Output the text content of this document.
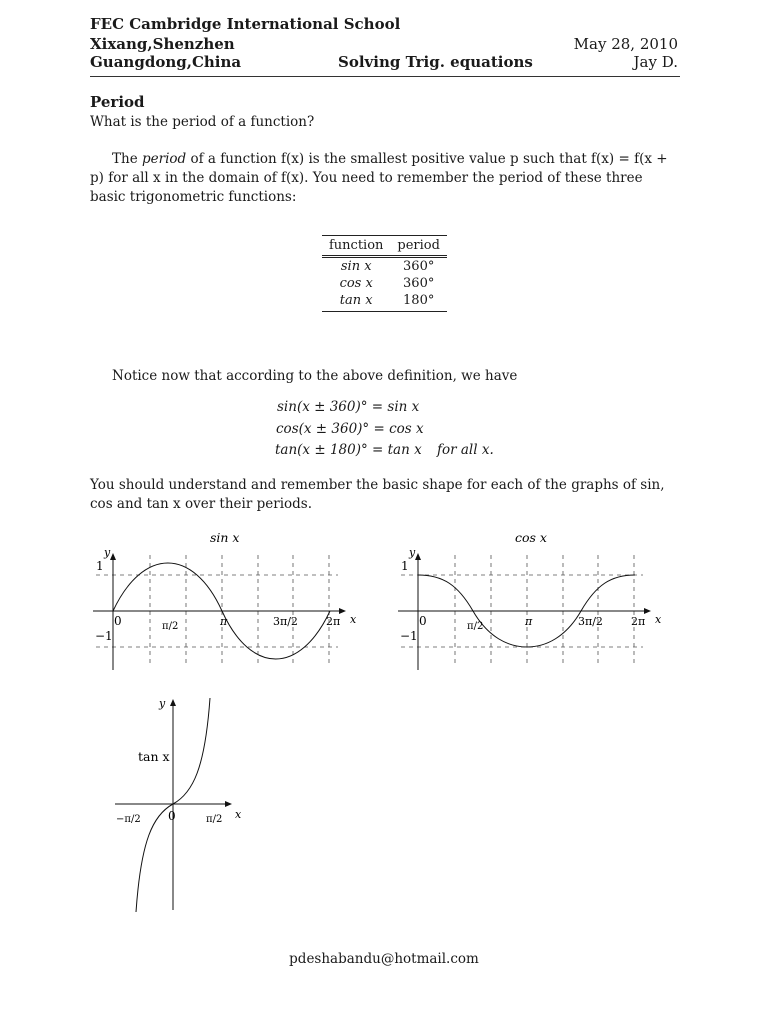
FEC Cambridge International School
Xixang,Shenzhen
Guangdong,China	Solving Trig. equations
May 28, 2010
Jay D.
Period
What is the period of a function?
The period of a function f(x) is the smallest positive value p such that f(x) = f(x + p) for all x in the domain of f(x). You need to remember the period of these three basic trigonometric functions:
function	period
sin x	360°
cos x	360°
tan x	180°
Notice now that according to the above definition, we have
sin(x ± 360)° = sin x
cos(x ± 360)° = cos x
tan(x ± 180)° = tan x for all x.
You should understand and remember the basic shape for each of the graphs of sin, cos and tan x over their periods.
sin x
y
x
1
−1
0	π/2	π	3π/2	2π
cos x
y
x
1
−1
0	π/2	π	3π/2	2π
tan x
y
x
0
−π/2	π/2
pdeshabandu@hotmail.com
